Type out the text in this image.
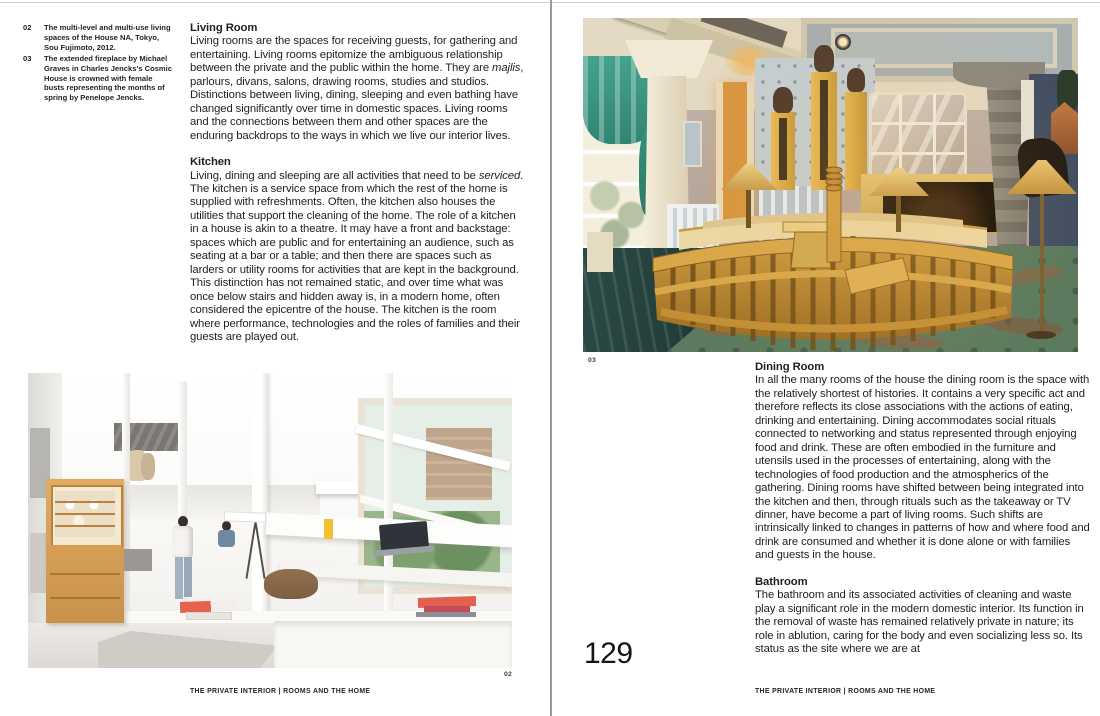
02	The multi-level and multi-use living spaces of the House NA, Tokyo, Sou Fujimoto, 2012.
03	The extended fireplace by Michael Graves in Charles Jencks's Cosmic House is crowned with female busts representing the months of spring by Penelope Jencks.

Living Room

Living rooms are the spaces for receiving guests, for gathering and entertaining. Living rooms epitomize the ambiguous relationship between the private and the public within the home. They are majlis, parlours, divans, salons, drawing rooms, studies and studios. Distinctions between living, dining, sleeping and even bathing have changed significantly over time in domestic spaces. Living rooms and the connections between them and other spaces are the enduring backdrops to the ways in which we live our interior lives.

Kitchen

Living, dining and sleeping are all activities that need to be serviced. The kitchen is a service space from which the rest of the home is supplied with refreshments. Often, the kitchen also houses the utilities that support the cleaning of the home. The role of a kitchen in a house is akin to a theatre. It may have a front and backstage: spaces which are public and for entertaining an audience, such as seating at a bar or a table; and then there are spaces such as larders or utility rooms for activities that are kept in the background. This distinction has not remained static, and over time what was once below stairs and hidden away is, in a modern home, often considered the epicentre of the house. The kitchen is the room where performance, technologies and the roles of families and their guests are played out.

02
THE PRIVATE INTERIOR | ROOMS AND THE HOME
03

Dining Room

In all the many rooms of the house the dining room is the space with the relatively shortest of histories. It contains a very specific act and therefore reflects its close associations with the actions of eating, drinking and entertaining. Dining accommodates social rituals connected to networking and status represented through enjoying food and drink. These are often embodied in the furniture and utensils used in the processes of entertaining, along with the technologies of food production and the atmospherics of the gathering. Dining rooms have shifted between being integrated into the kitchen and then, through rituals such as the takeaway or TV dinner, have become a part of living rooms. Such shifts are intrinsically linked to changes in patterns of how and where food and drink are consumed and whether it is done alone or with families and guests in the house.

Bathroom

The bathroom and its associated activities of cleaning and waste play a significant role in the modern domestic interior. Its function in the removal of waste has remained relatively private in nature; its role in ablution, caring for the body and even socializing less so. Its status as the site where we are at

129
THE PRIVATE INTERIOR | ROOMS AND THE HOME
